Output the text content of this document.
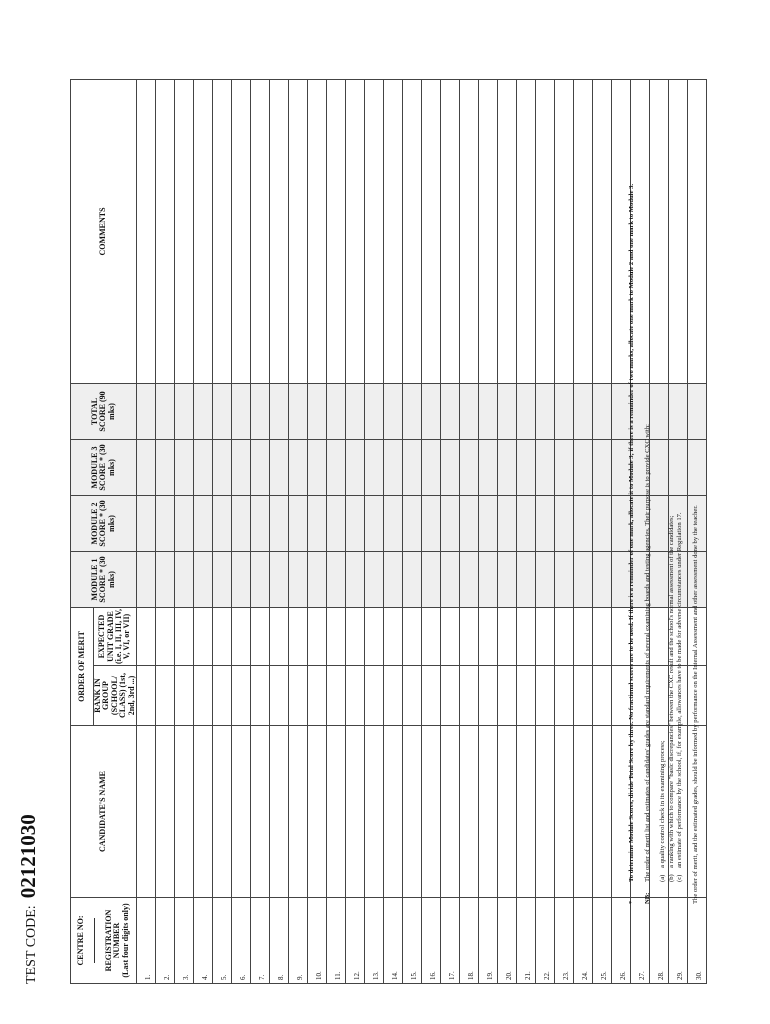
TEST CODE: 02121030
CENTRE NO: REGISTRATION NUMBER (Last four digits only)	CANDIDATE'S NAME	ORDER OF MERIT		MODULE 1 SCORE * (30 mks)	MODULE 2 SCORE * (30 mks)	MODULE 3 SCORE * (30 mks)	TOTAL SCORE (90 mks)	COMMENTS
		RANK IN GROUP (SCHOOL/ CLASS) (1st, 2nd, 3rd ...)	EXPECTED UNIT GRADE (i.e. I, II, III, IV, V, VI, or VII)					
1.								
2.								
3.								
4.								
5.								
6.								
7.								
8.								
9.								
10.								
11.								
12.								
13.								
14.								
15.								
16.								
17.								
18.								
19.								
20.								
21.								
22.								
23.								
24.								
25.								
26.								
27.								
28.								
29.								
30.								
*

To determine Module Scores, divide Total Score by three. No fractional scores are to be used. If there is a remainder of one mark, allocate it to Module 3; if there is a remainder of two marks, allocate one mark to Module 2 and one mark to Module 3.

NB:

The order of merit list and estimates of candidates' grades are standard requirements of several examining boards and testing agencies. Their purpose is to provide CXC with: (a)
a quality control check in its examining process;
(b)
a ranking with which to compare "basic discrepancies" between the CXC result and the school's normal assessment of the candidates;
(c)
an estimate of performance by the school, if, for example, allowances have to be made for adverse circumstances under Regulation 17. The order of merit, and the estimated grades, should be informed by performance on the Internal Assessment and other assessment done by the teacher.
